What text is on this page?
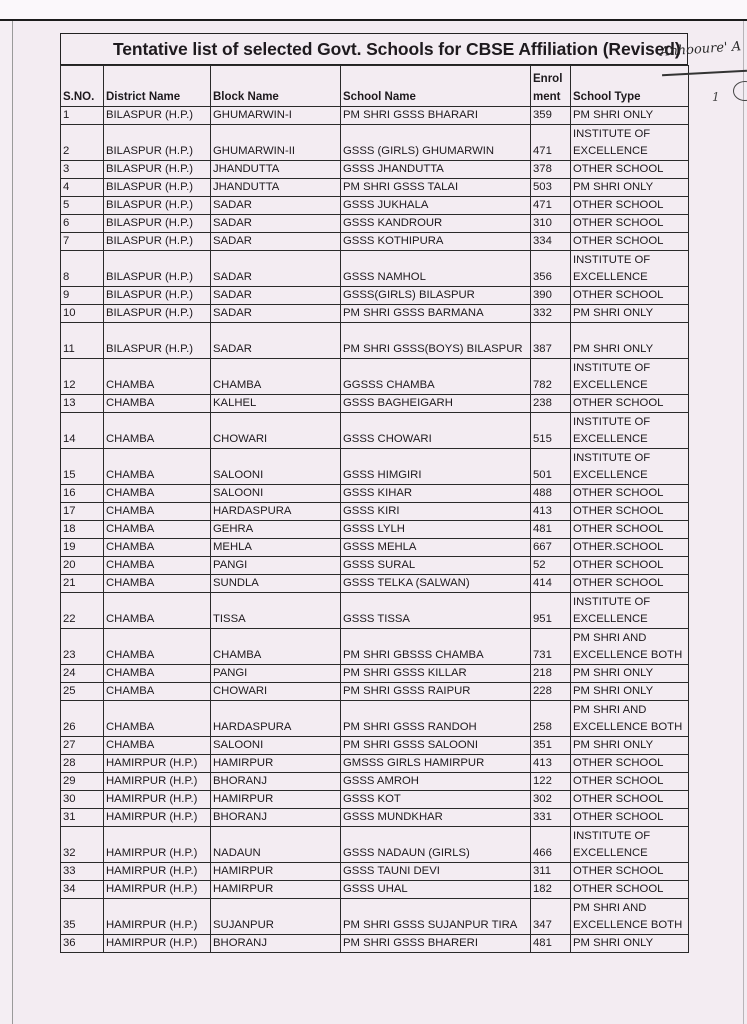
Tentative list of selected Govt. Schools for CBSE Affiliation (Revised)
S.NO.	District Name	Block Name	School Name	Enrol
ment	School Type
1	BILASPUR (H.P.)	GHUMARWIN-I	PM SHRI GSSS BHARARI	359	PM SHRI ONLY

2	BILASPUR (H.P.)	GHUMARWIN-II	GSSS (GIRLS) GHUMARWIN	471	INSTITUTE OF
EXCELLENCE

3	BILASPUR (H.P.)	JHANDUTTA	GSSS JHANDUTTA	378	OTHER SCHOOL

4	BILASPUR (H.P.)	JHANDUTTA	PM SHRI GSSS TALAI	503	PM SHRI ONLY

5	BILASPUR (H.P.)	SADAR	GSSS JUKHALA	471	OTHER SCHOOL

6	BILASPUR (H.P.)	SADAR	GSSS KANDROUR	310	OTHER SCHOOL

7	BILASPUR (H.P.)	SADAR	GSSS KOTHIPURA	334	OTHER SCHOOL

8	BILASPUR (H.P.)	SADAR	GSSS NAMHOL	356	INSTITUTE OF
EXCELLENCE

9	BILASPUR (H.P.)	SADAR	GSSS(GIRLS) BILASPUR	390	OTHER SCHOOL

10	BILASPUR (H.P.)	SADAR	PM SHRI GSSS BARMANA	332	PM SHRI ONLY

11	BILASPUR (H.P.)	SADAR	PM SHRI GSSS(BOYS) BILASPUR	387	PM SHRI ONLY

12	CHAMBA	CHAMBA	GGSSS CHAMBA	782	INSTITUTE OF
EXCELLENCE

13	CHAMBA	KALHEL	GSSS BAGHEIGARH	238	OTHER SCHOOL

14	CHAMBA	CHOWARI	GSSS CHOWARI	515	INSTITUTE OF
EXCELLENCE

15	CHAMBA	SALOONI	GSSS HIMGIRI	501	INSTITUTE OF
EXCELLENCE

16	CHAMBA	SALOONI	GSSS KIHAR	488	OTHER SCHOOL

17	CHAMBA	HARDASPURA	GSSS KIRI	413	OTHER SCHOOL

18	CHAMBA	GEHRA	GSSS LYLH	481	OTHER SCHOOL

19	CHAMBA	MEHLA	GSSS MEHLA	667	OTHER.SCHOOL

20	CHAMBA	PANGI	GSSS SURAL	52	OTHER SCHOOL

21	CHAMBA	SUNDLA	GSSS TELKA (SALWAN)	414	OTHER SCHOOL

22	CHAMBA	TISSA	GSSS TISSA	951	INSTITUTE OF
EXCELLENCE

23	CHAMBA	CHAMBA	PM SHRI GBSSS CHAMBA	731	PM SHRI AND
EXCELLENCE BOTH

24	CHAMBA	PANGI	PM SHRI GSSS KILLAR	218	PM SHRI ONLY

25	CHAMBA	CHOWARI	PM SHRI GSSS RAIPUR	228	PM SHRI ONLY

26	CHAMBA	HARDASPURA	PM SHRI GSSS RANDOH	258	PM SHRI AND
EXCELLENCE BOTH

27	CHAMBA	SALOONI	PM SHRI GSSS SALOONI	351	PM SHRI ONLY

28	HAMIRPUR (H.P.)	HAMIRPUR	GMSSS GIRLS HAMIRPUR	413	OTHER SCHOOL

29	HAMIRPUR (H.P.)	BHORANJ	GSSS AMROH	122	OTHER SCHOOL

30	HAMIRPUR (H.P.)	HAMIRPUR	GSSS KOT	302	OTHER SCHOOL

31	HAMIRPUR (H.P.)	BHORANJ	GSSS MUNDKHAR	331	OTHER SCHOOL

32	HAMIRPUR (H.P.)	NADAUN	GSSS NADAUN (GIRLS)	466	INSTITUTE OF
EXCELLENCE

33	HAMIRPUR (H.P.)	HAMIRPUR	GSSS TAUNI DEVI	311	OTHER SCHOOL

34	HAMIRPUR (H.P.)	HAMIRPUR	GSSS UHAL	182	OTHER SCHOOL

35	HAMIRPUR (H.P.)	SUJANPUR	PM SHRI GSSS SUJANPUR TIRA	347	PM SHRI AND
EXCELLENCE BOTH

36	HAMIRPUR (H.P.)	BHORANJ	PM SHRI GSSS BHARERI	481	PM SHRI ONLY
Anhooure' A
1
